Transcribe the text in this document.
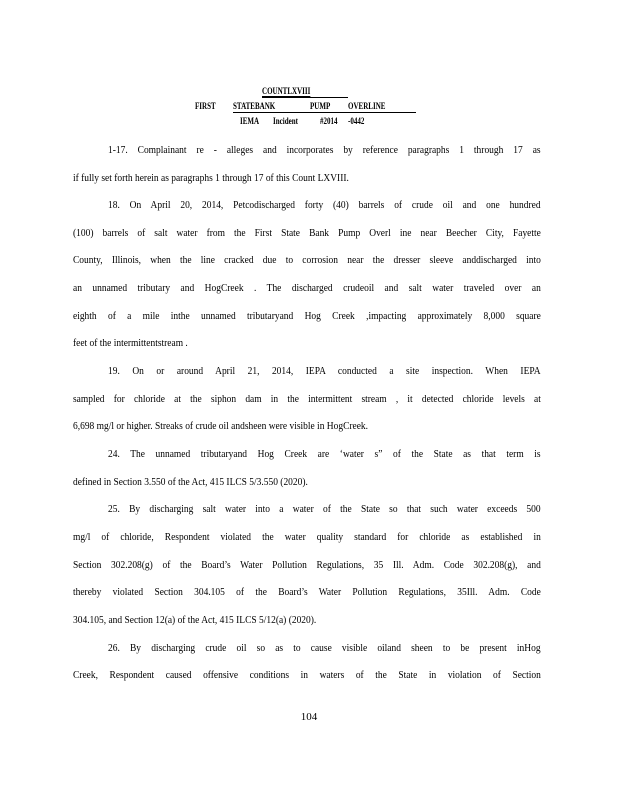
COUNTLXVIII
FIRST STATEBANK	PUMP OVERLINE
IEMA Incident #2014 -0442
1-17. Complainant re - alleges and incorporates by reference paragraphs 1 through 17 as
if fully set forth herein as paragraphs 1 through 17 of this Count LXVIII.
18. On April 20, 2014, Petcodischarged forty (40) barrels of crude oil and one hundred
(100) barrels of salt water from the First State Bank Pump Overl ine near Beecher City, Fayette
County, Illinois, when the line cracked due to corrosion near the dresser sleeve anddischarged into
an unnamed tributary and HogCreek . The discharged crudeoil and salt water traveled over an
eighth of a mile inthe unnamed tributaryand Hog Creek ,impacting approximately 8,000 square
feet of the intermittentstream .
19. On or around April 21, 2014, IEPA conducted a site inspection. When IEPA
sampled for chloride at the siphon dam in the intermittent stream , it detected chloride levels at
6,698 mg/l or higher. Streaks of crude oil andsheen were visible in HogCreek.
24. The unnamed tributaryand Hog Creek are ‘water s” of the State as that term is
defined in Section 3.550 of the Act, 415 ILCS 5/3.550 (2020).
25. By discharging salt water into a water of the State so that such water exceeds 500
mg/l of chloride, Respondent violated the water quality standard for chloride as established in
Section 302.208(g) of the Board’s Water Pollution Regulations, 35 Ill. Adm. Code 302.208(g), and
thereby violated Section 304.105 of the Board’s Water Pollution Regulations, 35Ill. Adm. Code
304.105, and Section 12(a) of the Act, 415 ILCS 5/12(a) (2020).
26. By discharging crude oil so as to cause visible oiland sheen to be present inHog
Creek, Respondent caused offensive conditions in waters of the State in violation of Section
104
